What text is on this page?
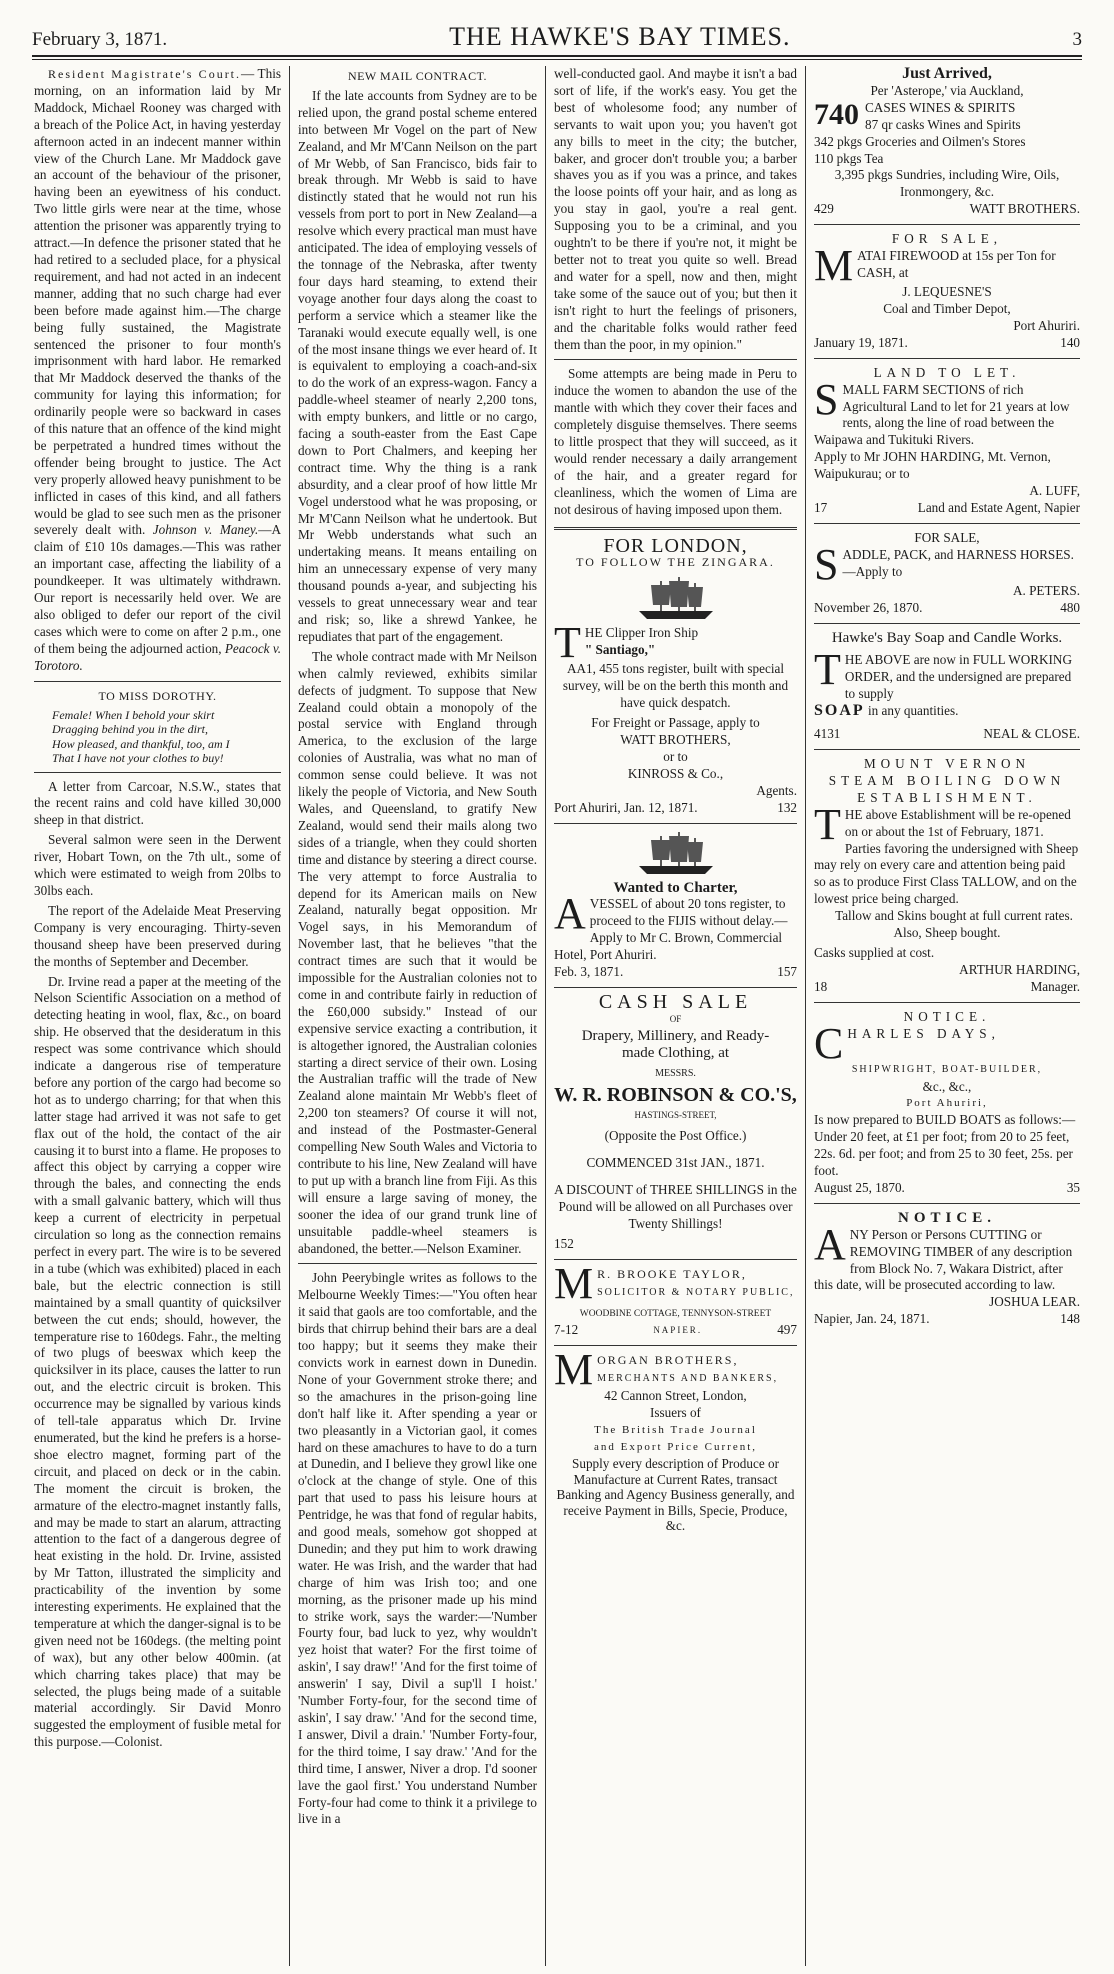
February 3, 1871.	THE HAWKE'S BAY TIMES.	3

Resident Magistrate's Court.— This morning, on an information laid by Mr Maddock, Michael Rooney was charged with a breach of the Police Act, in having yesterday afternoon acted in an indecent manner within view of the Church Lane. Mr Maddock gave an account of the behaviour of the prisoner, having been an eyewitness of his conduct. Two little girls were near at the time, whose attention the prisoner was apparently trying to attract.—In defence the prisoner stated that he had retired to a secluded place, for a physical requirement, and had not acted in an indecent manner, adding that no such charge had ever been before made against him.—The charge being fully sustained, the Magistrate sentenced the prisoner to four month's imprisonment with hard labor. He remarked that Mr Maddock deserved the thanks of the community for laying this information; for ordinarily people were so backward in cases of this nature that an offence of the kind might be perpetrated a hundred times without the offender being brought to justice. The Act very properly allowed heavy punishment to be inflicted in cases of this kind, and all fathers would be glad to see such men as the prisoner severely dealt with. Johnson v. Maney.—A claim of £10 10s damages.—This was rather an important case, affecting the liability of a poundkeeper. It was ultimately withdrawn. Our report is necessarily held over. We are also obliged to defer our report of the civil cases which were to come on after 2 p.m., one of them being the adjourned action, Peacock v. Torotoro.

TO MISS DOROTHY.
Female! When I behold your skirt
Dragging behind you in the dirt,
How pleased, and thankful, too, am I
That I have not your clothes to buy!

A letter from Carcoar, N.S.W., states that the recent rains and cold have killed 30,000 sheep in that district.

Several salmon were seen in the Derwent river, Hobart Town, on the 7th ult., some of which were estimated to weigh from 20lbs to 30lbs each.

The report of the Adelaide Meat Preserving Company is very encouraging. Thirty-seven thousand sheep have been preserved during the months of September and December.

Dr. Irvine read a paper at the meeting of the Nelson Scientific Association on a method of detecting heating in wool, flax, &c., on board ship. He observed that the desideratum in this respect was some contrivance which should indicate a dangerous rise of temperature before any portion of the cargo had become so hot as to undergo charring; for that when this latter stage had arrived it was not safe to get flax out of the hold, the contact of the air causing it to burst into a flame. He proposes to affect this object by carrying a copper wire through the bales, and connecting the ends with a small galvanic battery, which will thus keep a current of electricity in perpetual circulation so long as the connection remains perfect in every part. The wire is to be severed in a tube (which was exhibited) placed in each bale, but the electric connection is still maintained by a small quantity of quicksilver between the cut ends; should, however, the temperature rise to 160degs. Fahr., the melting of two plugs of beeswax which keep the quicksilver in its place, causes the latter to run out, and the electric circuit is broken. This occurrence may be signalled by various kinds of tell-tale apparatus which Dr. Irvine enumerated, but the kind he prefers is a horse-shoe electro magnet, forming part of the circuit, and placed on deck or in the cabin. The moment the circuit is broken, the armature of the electro-magnet instantly falls, and may be made to start an alarum, attracting attention to the fact of a dangerous degree of heat existing in the hold. Dr. Irvine, assisted by Mr Tatton, illustrated the simplicity and practicability of the invention by some interesting experiments. He explained that the temperature at which the danger-signal is to be given need not be 160degs. (the melting point of wax), but any other below 400min. (at which charring takes place) that may be selected, the plugs being made of a suitable material accordingly. Sir David Monro suggested the employment of fusible metal for this purpose.—Colonist.

NEW MAIL CONTRACT.

If the late accounts from Sydney are to be relied upon, the grand postal scheme entered into between Mr Vogel on the part of New Zealand, and Mr M'Cann Neilson on the part of Mr Webb, of San Francisco, bids fair to break through. Mr Webb is said to have distinctly stated that he would not run his vessels from port to port in New Zealand—a resolve which every practical man must have anticipated. The idea of employing vessels of the tonnage of the Nebraska, after twenty four days hard steaming, to extend their voyage another four days along the coast to perform a service which a steamer like the Taranaki would execute equally well, is one of the most insane things we ever heard of. It is equivalent to employing a coach-and-six to do the work of an express-wagon. Fancy a paddle-wheel steamer of nearly 2,200 tons, with empty bunkers, and little or no cargo, facing a south-easter from the East Cape down to Port Chalmers, and keeping her contract time. Why the thing is a rank absurdity, and a clear proof of how little Mr Vogel understood what he was proposing, or Mr M'Cann Neilson what he undertook. But Mr Webb understands what such an undertaking means. It means entailing on him an unnecessary expense of very many thousand pounds a-year, and subjecting his vessels to great unnecessary wear and tear and risk; so, like a shrewd Yankee, he repudiates that part of the engagement.

The whole contract made with Mr Neilson when calmly reviewed, exhibits similar defects of judgment. To suppose that New Zealand could obtain a monopoly of the postal service with England through America, to the exclusion of the large colonies of Australia, was what no man of common sense could believe. It was not likely the people of Victoria, and New South Wales, and Queensland, to gratify New Zealand, would send their mails along two sides of a triangle, when they could shorten time and distance by steering a direct course. The very attempt to force Australia to depend for its American mails on New Zealand, naturally begat opposition. Mr Vogel says, in his Memorandum of November last, that he believes "that the contract times are such that it would be impossible for the Australian colonies not to come in and contribute fairly in reduction of the £60,000 subsidy." Instead of our expensive service exacting a contribution, it is altogether ignored, the Australian colonies starting a direct service of their own. Losing the Australian traffic will the trade of New Zealand alone maintain Mr Webb's fleet of 2,200 ton steamers? Of course it will not, and instead of the Postmaster-General compelling New South Wales and Victoria to contribute to his line, New Zealand will have to put up with a branch line from Fiji. As this will ensure a large saving of money, the sooner the idea of our grand trunk line of unsuitable paddle-wheel steamers is abandoned, the better.—Nelson Examiner.

John Peerybingle writes as follows to the Melbourne Weekly Times:—"You often hear it said that gaols are too comfortable, and the birds that chirrup behind their bars are a deal too happy; but it seems they make their convicts work in earnest down in Dunedin. None of your Government stroke there; and so the amachures in the prison-going line don't half like it. After spending a year or two pleasantly in a Victorian gaol, it comes hard on these amachures to have to do a turn at Dunedin, and I believe they growl like one o'clock at the change of style. One of this part that used to pass his leisure hours at Pentridge, he was that fond of regular habits, and good meals, somehow got shopped at Dunedin; and they put him to work drawing water. He was Irish, and the warder that had charge of him was Irish too; and one morning, as the prisoner made up his mind to strike work, says the warder:—'Number Fourty four, bad luck to yez, why wouldn't yez hoist that water? For the first toime of askin', I say draw!' 'And for the first toime of answerin' I say, Divil a sup'll I hoist.' 'Number Forty-four, for the second time of askin', I say draw.' 'And for the second time, I answer, Divil a drain.' 'Number Forty-four, for the third toime, I say draw.' 'And for the third time, I answer, Niver a drop. I'd sooner lave the gaol first.' You understand Number Forty-four had come to think it a privilege to live in a

well-conducted gaol. And maybe it isn't a bad sort of life, if the work's easy. You get the best of wholesome food; any number of servants to wait upon you; you haven't got any bills to meet in the city; the butcher, baker, and grocer don't trouble you; a barber shaves you as if you was a prince, and takes the loose points off your hair, and as long as you stay in gaol, you're a real gent. Supposing you to be a criminal, and you oughtn't to be there if you're not, it might be better not to treat you quite so well. Bread and water for a spell, now and then, might take some of the sauce out of you; but then it isn't right to hurt the feelings of prisoners, and the charitable folks would rather feed them than the poor, in my opinion."

Some attempts are being made in Peru to induce the women to abandon the use of the mantle with which they cover their faces and completely disguise themselves. There seems to little prospect that they will succeed, as it would render necessary a daily arrangement of the hair, and a greater regard for cleanliness, which the women of Lima are not desirous of having imposed upon them.

FOR LONDON,
TO FOLLOW THE ZINGARA.
THE Clipper Iron Ship
" Santiago,"

AA1, 455 tons register, built with special survey, will be on the berth this month and have quick despatch.

For Freight or Passage, apply to
WATT BROTHERS,
or to
KINROSS & Co.,
Agents.
Port Ahuriri, Jan. 12, 1871.	132
Wanted to Charter,
AVESSEL of about 20 tons register, to proceed to the FIJIS without delay.—Apply to Mr C. Brown, Commercial Hotel, Port Ahuriri.
Feb. 3, 1871.	157
CASH SALE
OF
Drapery, Millinery, and Ready-
made Clothing, at
MESSRS.
W. R. ROBINSON & CO.'S,
HASTINGS-STREET,
(Opposite the Post Office.)
COMMENCED 31st JAN., 1871.

A DISCOUNT of THREE SHILLINGS in the Pound will be allowed on all Purchases over Twenty Shillings!

152
M R. BROOKE TAYLOR,
SOLICITOR & NOTARY PUBLIC,
WOODBINE COTTAGE, TENNYSON-STREET
7-12	NAPIER.	497
MORGAN BROTHERS,
MERCHANTS AND BANKERS,
42 Cannon Street, London,
Issuers of
The British Trade Journal
and Export Price Current,
Supply every description of Produce or Manufacture at Current Rates, transact Banking and Agency Business generally, and receive Payment in Bills, Specie, Produce, &c.
Just Arrived,
Per 'Asterope,' via Auckland,
740 CASES WINES & SPIRITS
87 qr casks Wines and Spirits
342 pkgs Groceries and Oilmen's Stores
110 pkgs Tea
3,395 pkgs Sundries, including Wire, Oils, Ironmongery, &c.
429	WATT BROTHERS.
FOR SALE,
MATAI FIREWOOD at 15s per Ton for CASH, at
J. LEQUESNE'S
Coal and Timber Depot,
Port Ahuriri.
January 19, 1871.	140
LAND TO LET.
SMALL FARM SECTIONS of rich Agricultural Land to let for 21 years at low rents, along the line of road between the Waipawa and Tukituki Rivers.
Apply to Mr JOHN HARDING, Mt. Vernon, Waipukurau; or to
A. LUFF,
17	Land and Estate Agent, Napier
FOR SALE,
SADDLE, PACK, and HARNESS HORSES.—Apply to
A. PETERS.
November 26, 1870.	480
Hawke's Bay Soap and Candle Works.
THE ABOVE are now in FULL WORKING ORDER, and the undersigned are prepared to supply
SOAP in any quantities.
4131	NEAL & CLOSE.
MOUNT VERNON
STEAM BOILING DOWN
ESTABLISHMENT.
THE above Establishment will be re-opened on or about the 1st of February, 1871. Parties favoring the undersigned with Sheep may rely on every care and attention being paid so as to produce First Class TALLOW, and on the lowest price being charged.

Tallow and Skins bought at full current rates. Also, Sheep bought.

Casks supplied at cost.
ARTHUR HARDING,
18	Manager.
NOTICE.
CHARLES DAYS,
SHIPWRIGHT, BOAT-BUILDER,
&c., &c.,
Port Ahuriri,
Is now prepared to BUILD BOATS as follows:—Under 20 feet, at £1 per foot; from 20 to 25 feet, 22s. 6d. per foot; and from 25 to 30 feet, 25s. per foot.
August 25, 1870.	35
NOTICE.
ANY Person or Persons CUTTING or REMOVING TIMBER of any description from Block No. 7, Wakara District, after this date, will be prosecuted according to law.
JOSHUA LEAR.
Napier, Jan. 24, 1871.	148
